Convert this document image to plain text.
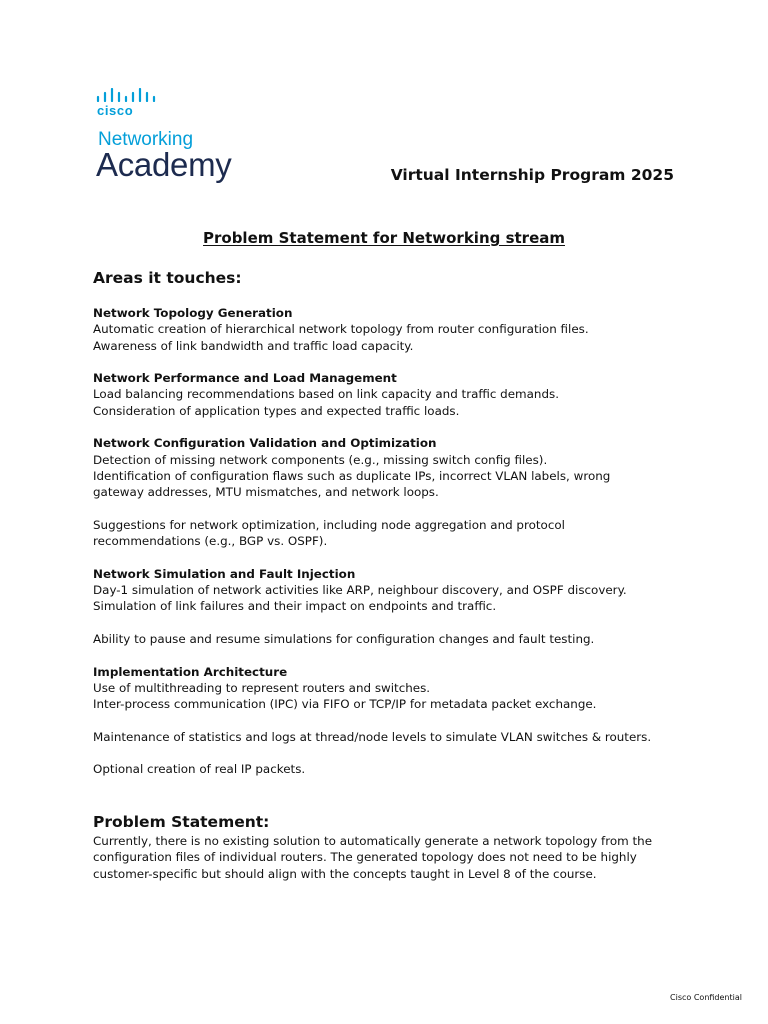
cisco
Networking
Academy	Virtual Internship Program 2025
Problem Statement for Networking stream
Areas it touches:

Network Topology Generation
Automatic creation of hierarchical network topology from router configuration files.
Awareness of link bandwidth and traffic load capacity.

Network Performance and Load Management
Load balancing recommendations based on link capacity and traffic demands.
Consideration of application types and expected traffic loads.

Network Configuration Validation and Optimization
Detection of missing network components (e.g., missing switch config files).
Identification of configuration flaws such as duplicate IPs, incorrect VLAN labels, wrong
gateway addresses, MTU mismatches, and network loops.

Suggestions for network optimization, including node aggregation and protocol
recommendations (e.g., BGP vs. OSPF).

Network Simulation and Fault Injection
Day-1 simulation of network activities like ARP, neighbour discovery, and OSPF discovery.
Simulation of link failures and their impact on endpoints and traffic.

Ability to pause and resume simulations for configuration changes and fault testing.

Implementation Architecture
Use of multithreading to represent routers and switches.
Inter-process communication (IPC) via FIFO or TCP/IP for metadata packet exchange.

Maintenance of statistics and logs at thread/node levels to simulate VLAN switches & routers.

Optional creation of real IP packets.

Problem Statement:
Currently, there is no existing solution to automatically generate a network topology from the
configuration files of individual routers. The generated topology does not need to be highly
customer-specific but should align with the concepts taught in Level 8 of the course.
Cisco Confidential
